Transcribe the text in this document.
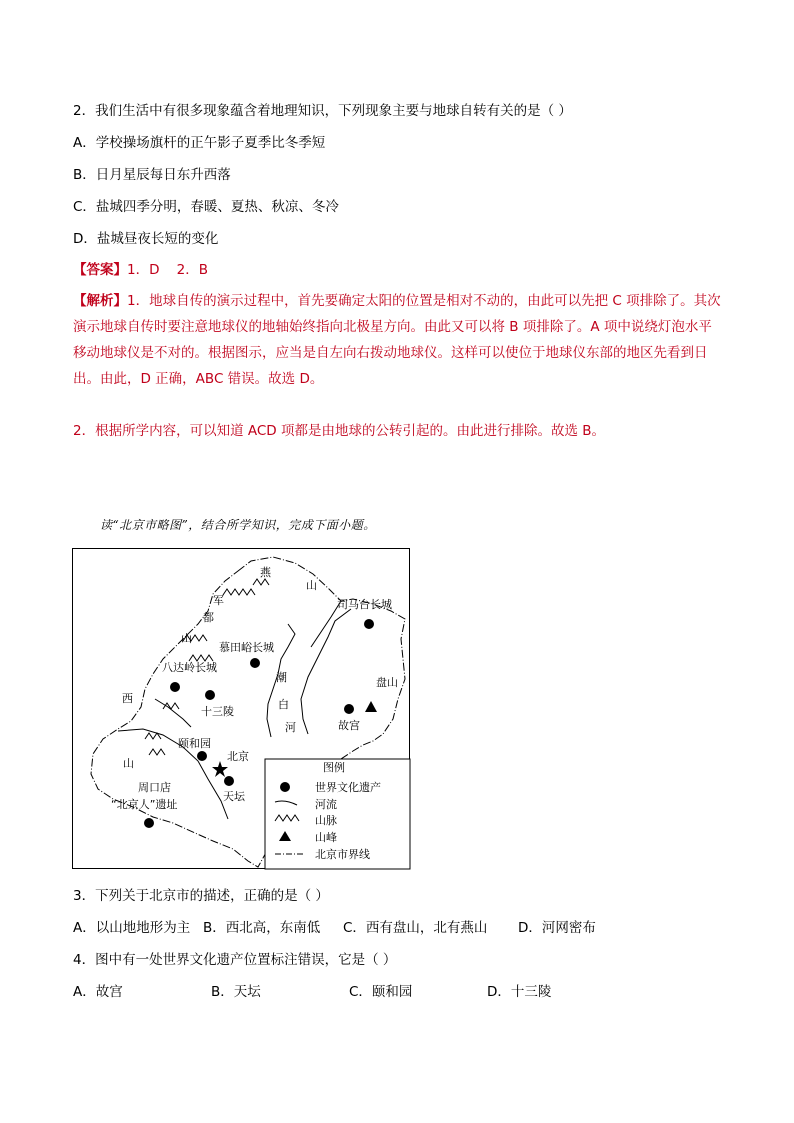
2．我们生活中有很多现象蕴含着地理知识，下列现象主要与地球自转有关的是（ ）
A．学校操场旗杆的正午影子夏季比冬季短
B．日月星辰每日东升西落
C．盐城四季分明，春暖、夏热、秋凉、冬冷
D．盐城昼夜长短的变化
【答案】1．D    2．B
【解析】1．地球自传的演示过程中，首先要确定太阳的位置是相对不动的，由此可以先把 C 项排除了。其次演示地球自传时要注意地球仪的地轴始终指向北极星方向。由此又可以将 B 项排除了。A 项中说绕灯泡水平移动地球仪是不对的。根据图示，应当是自左向右拨动地球仪。这样可以使位于地球仪东部的地区先看到日出。由此，D 正确，ABC 错误。故选 D。
2．根据所学内容，可以知道 ACD 项都是由地球的公转引起的。由此进行排除。故选 B。
读“北京市略图”，结合所学知识，完成下面小题。
燕
山
司马台长城
军
都
山
慕田峪长城
八达岭长城
潮	盘山
西	白
十三陵
故宫
河
颐和园
北京
山
周口店
天坛
“北京人”遗址
图例
世界文化遗产
河流
山脉
山峰
北京市界线
3．下列关于北京市的描述，正确的是（ ）
A．以山地地形为主 B．西北高，东南低 C．西有盘山，北有燕山 D．河网密布
4．图中有一处世界文化遗产位置标注错误，它是（ ）
A．故宫	B．天坛	C．颐和园	D．十三陵
